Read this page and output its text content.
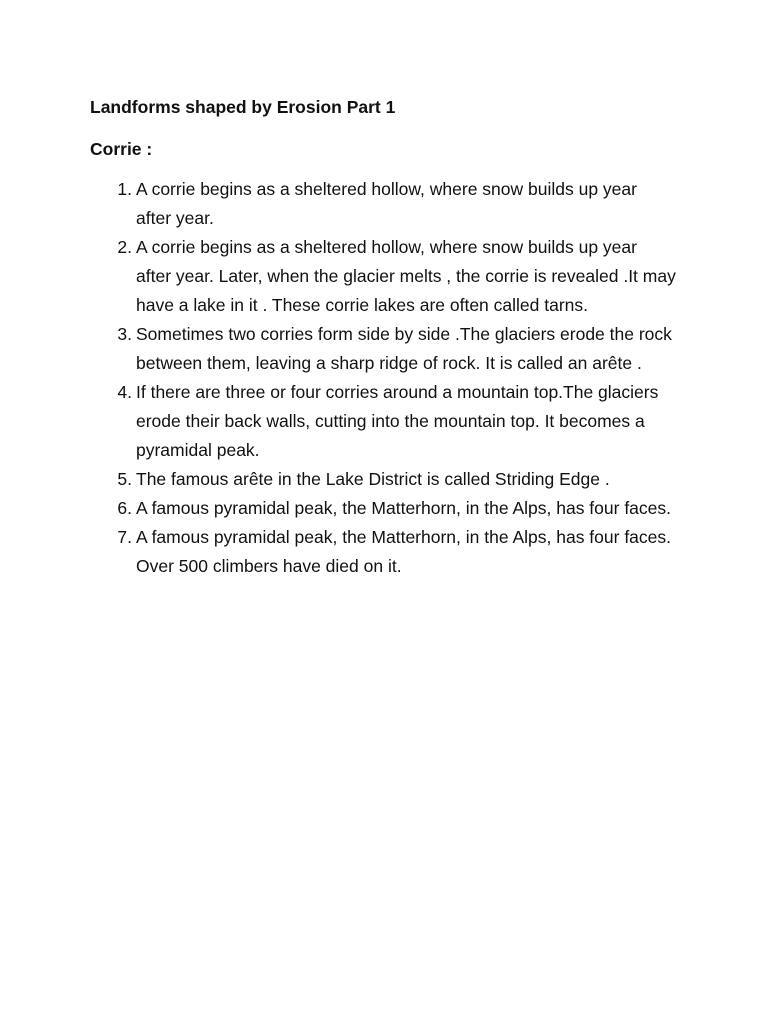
Landforms shaped by Erosion Part 1
Corrie :
1. A corrie begins as a sheltered hollow, where snow builds up year after year.
2. A corrie begins as a sheltered hollow, where snow builds up year after year. Later, when the glacier melts , the corrie is revealed .It may have a lake in it . These corrie lakes are often called tarns.
3. Sometimes two corries form side by side .The glaciers erode the rock between them, leaving a sharp ridge of rock. It is called an arête .
4. If there are three or four corries around a mountain top.The glaciers erode their back walls, cutting into the mountain top. It becomes a pyramidal peak.
5. The famous arête in the Lake District is called Striding Edge .
6. A famous pyramidal peak, the Matterhorn, in the Alps, has four faces.
7. A famous pyramidal peak, the Matterhorn, in the Alps, has four faces. Over 500 climbers have died on it.
